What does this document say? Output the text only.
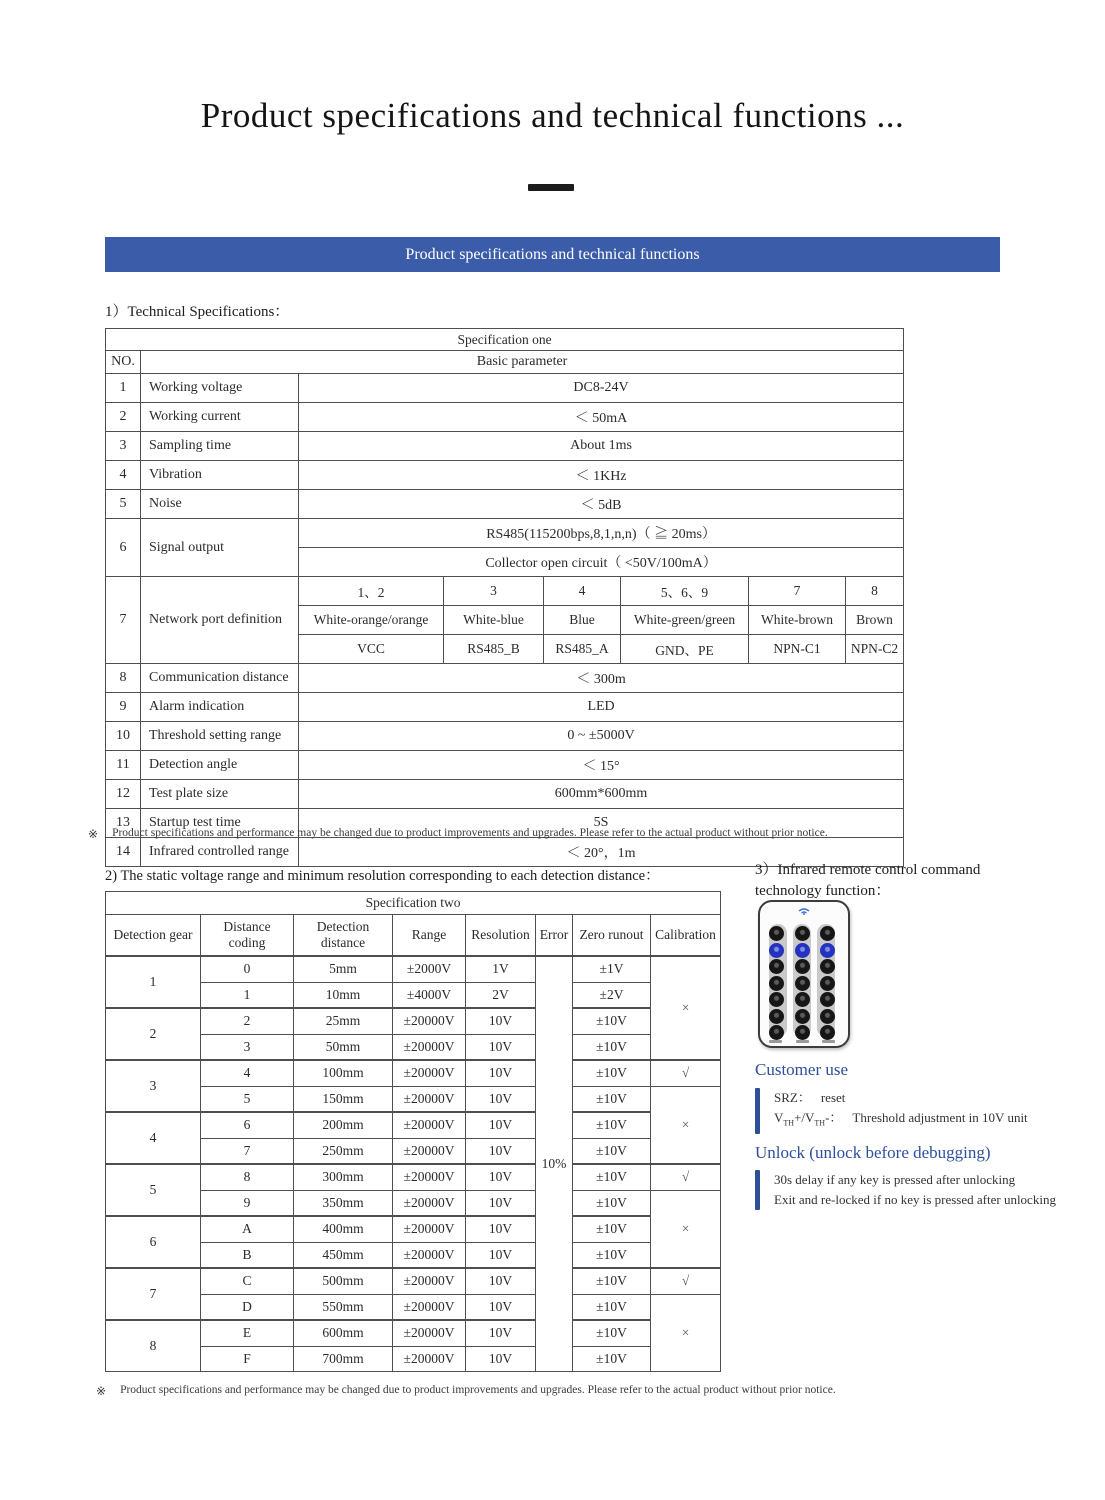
Product specifications and technical functions ...
Product specifications and technical functions
1）Technical Specifications：
Specification one							
NO.	Basic parameter						
1	Working voltage	DC8-24V					
2	Working current	＜ 50mA					
3	Sampling time	About 1ms					
4	Vibration	＜ 1KHz					
5	Noise	＜ 5dB					
6	Signal output	RS485(115200bps,8,1,n,n)（ ≧ 20ms）					
		Collector open circuit（ <50V/100mA）					
7	Network port definition	1、2	3	4	5、6、9	7	8
		White-orange/orange	White-blue	Blue	White-green/green	White-brown	Brown
		VCC	RS485_B	RS485_A	GND、PE	NPN-C1	NPN-C2
8	Communication distance	＜ 300m					
9	Alarm indication	LED					
10	Threshold setting range	0 ~ ±5000V					
11	Detection angle	＜ 15°					
12	Test plate size	600mm*600mm					
13	Startup test time	5S					
14	Infrared controlled range	＜ 20°，1m					
※ Product specifications and performance may be changed due to product improvements and upgrades. Please refer to the actual product without prior notice.
2) The static voltage range and minimum resolution corresponding to each detection distance：
Specification two							
Detection gear	Distance coding	Detection distance	Range	Resolution	Error	Zero runout	Calibration
1	0	5mm	±2000V	1V	10%	±1V	×
	1	10mm	±4000V	2V		±2V	
2	2	25mm	±20000V	10V		±10V	
	3	50mm	±20000V	10V		±10V	
3	4	100mm	±20000V	10V		±10V	√
	5	150mm	±20000V	10V		±10V	×
4	6	200mm	±20000V	10V		±10V	
	7	250mm	±20000V	10V		±10V	
5	8	300mm	±20000V	10V		±10V	√
	9	350mm	±20000V	10V		±10V	×
6	A	400mm	±20000V	10V		±10V	
	B	450mm	±20000V	10V		±10V	
7	C	500mm	±20000V	10V		±10V	√
	D	550mm	±20000V	10V		±10V	×
8	E	600mm	±20000V	10V		±10V	
	F	700mm	±20000V	10V		±10V	
※ Product specifications and performance may be changed due to product improvements and upgrades. Please refer to the actual product without prior notice.
3）Infrared remote control command
technology function：
Customer use
SRZ： reset
$V_{TH}+/V_{TH}-$： Threshold adjustment in 10V unit
Unlock (unlock before debugging)
30s delay if any key is pressed after unlocking
Exit and re-locked if no key is pressed after unlocking
